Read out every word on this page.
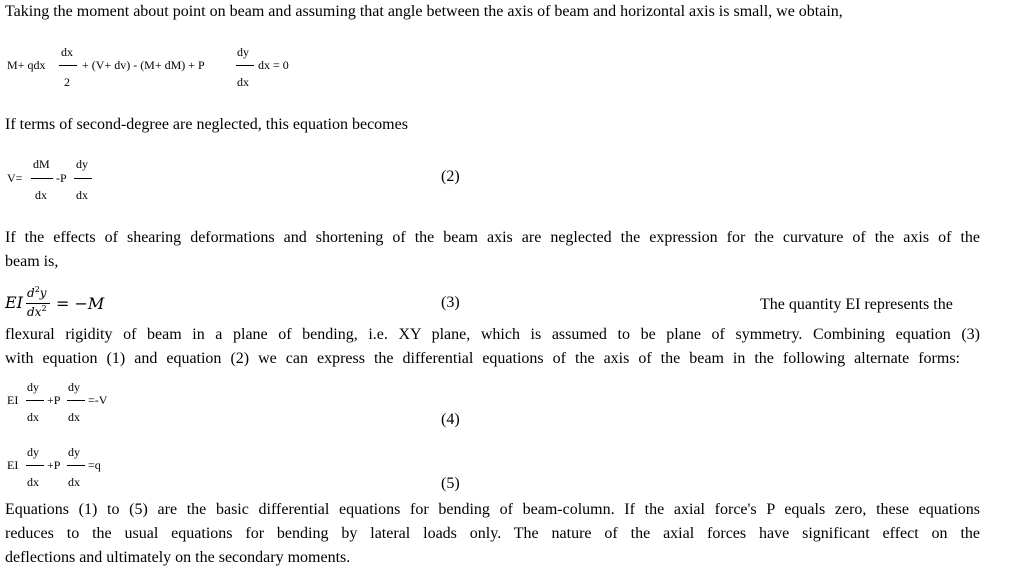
Taking the moment about point on beam and assuming that angle between the axis of beam and horizontal axis is small, we obtain,
M+ qdx
dx
2
+ (V+ dv) - (M+ dM) + P
dy
dx
dx = 0
If terms of second-degree are neglected, this equation becomes
V=
dM
dx
-P
dy
dx
(2)
If the effects of shearing deformations and shortening of the beam axis are neglected the expression for the curvature of the axis of the
beam is,
EI $d^2y$
$dx^2 = -M$	(3)	The quantity EI represents the
flexural rigidity of beam in a plane of bending, i.e. XY plane, which is assumed to be plane of symmetry. Combining equation (3)
with equation (1) and equation (2) we can express the differential equations of the axis of the beam in the following alternate forms:
EI
dy
dx
+P
dy
dx
=-V
(4)
EI
dy
dx
+P
dy
dx
=q
(5)
Equations (1) to (5) are the basic differential equations for bending of beam-column. If the axial force's P equals zero, these equations
reduces to the usual equations for bending by lateral loads only. The nature of the axial forces have significant effect on the
deflections and ultimately on the secondary moments.
